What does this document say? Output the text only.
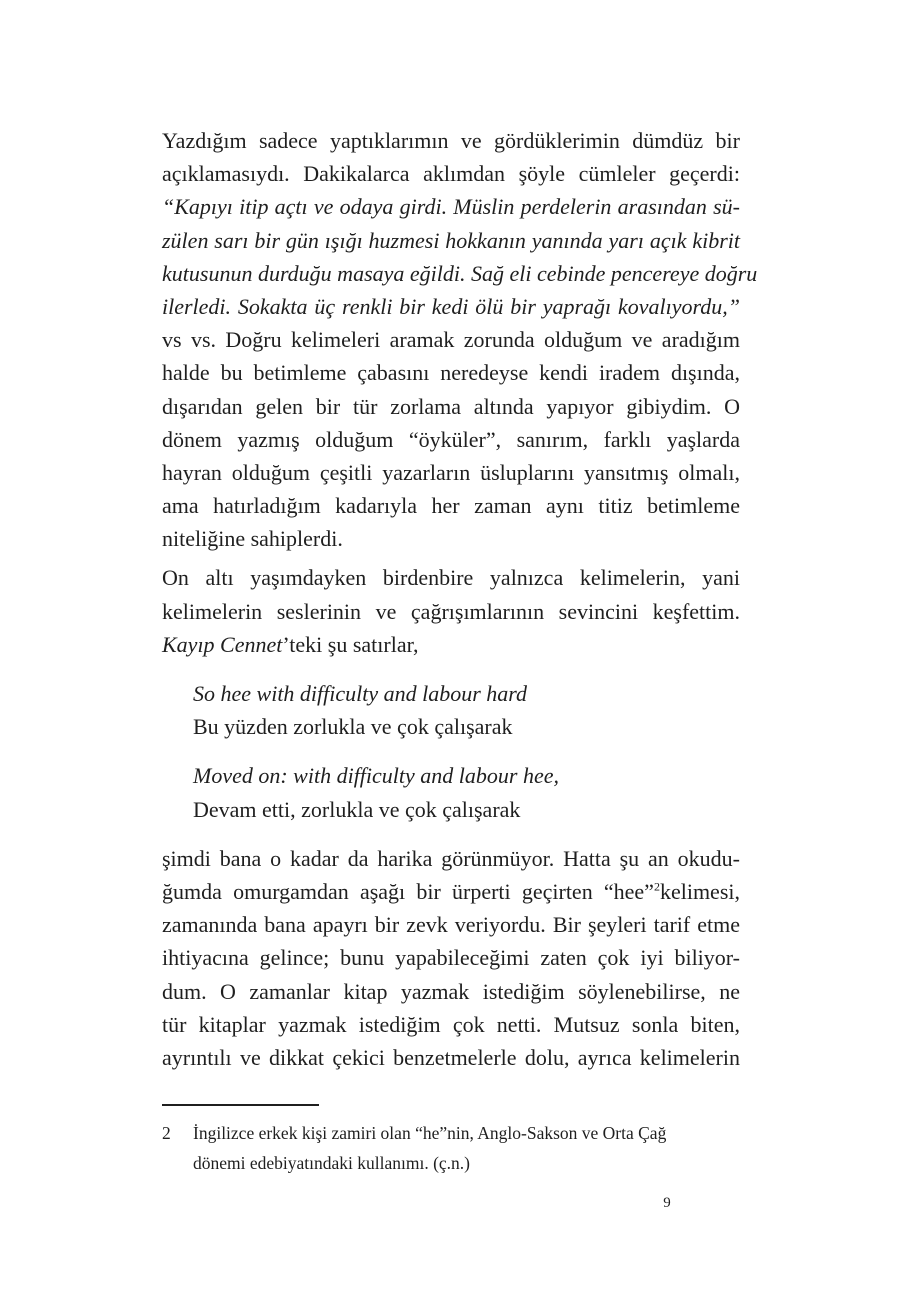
Yazdığım sadece yaptıklarımın ve gördüklerimin dümdüz bir
açıklamasıydı. Dakikalarca aklımdan şöyle cümleler geçerdi:
“Kapıyı itip açtı ve odaya girdi. Müslin perdelerin arasından sü-
zülen sarı bir gün ışığı huzmesi hokkanın yanında yarı açık kibrit
kutusunun durduğu masaya eğildi. Sağ eli cebinde pencereye doğru
ilerledi. Sokakta üç renkli bir kedi ölü bir yaprağı kovalıyordu,”
vs vs. Doğru kelimeleri aramak zorunda olduğum ve aradığım
halde bu betimleme çabasını neredeyse kendi iradem dışında,
dışarıdan gelen bir tür zorlama altında yapıyor gibiydim. O
dönem yazmış olduğum “öyküler”, sanırım, farklı yaşlarda
hayran olduğum çeşitli yazarların üsluplarını yansıtmış olmalı,
ama hatırladığım kadarıyla her zaman aynı titiz betimleme
niteliğine sahiplerdi.
On altı yaşımdayken birdenbire yalnızca kelimelerin, yani
kelimelerin seslerinin ve çağrışımlarının sevincini keşfettim.
Kayıp Cennet’teki şu satırlar,
So hee with difficulty and labour hard
Bu yüzden zorlukla ve çok çalışarak
Moved on: with difficulty and labour hee,
Devam etti, zorlukla ve çok çalışarak
şimdi bana o kadar da harika görünmüyor. Hatta şu an okudu-
ğumda omurgamdan aşağı bir ürperti geçirten “hee”$^2$kelimesi,
zamanında bana apayrı bir zevk veriyordu. Bir şeyleri tarif etme
ihtiyacına gelince; bunu yapabileceğimi zaten çok iyi biliyor-
dum. O zamanlar kitap yazmak istediğim söylenebilirse, ne
tür kitaplar yazmak istediğim çok netti. Mutsuz sonla biten,
ayrıntılı ve dikkat çekici benzetmelerle dolu, ayrıca kelimelerin
2 İngilizce erkek kişi zamiri olan “he”nin, Anglo-Sakson ve Orta Çağ
dönemi edebiyatındaki kullanımı. (ç.n.)
9
